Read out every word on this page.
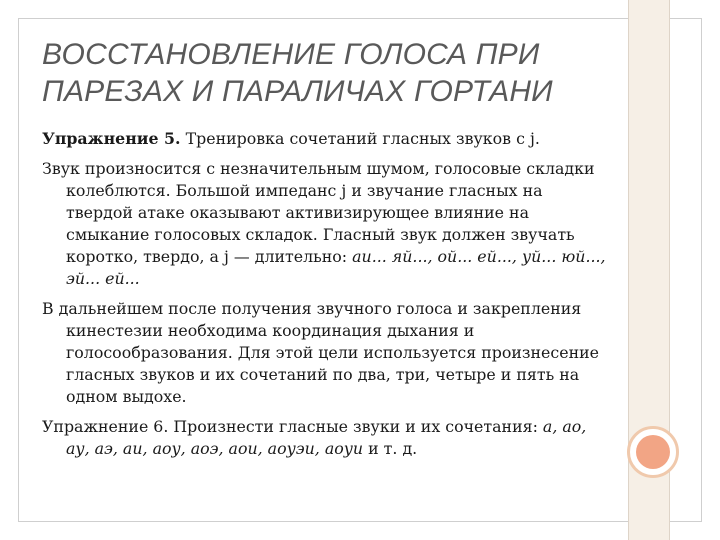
ВОССТАНОВЛЕНИЕ ГОЛОСА ПРИ ПАРЕЗАХ И ПАРАЛИЧАХ ГОРТАНИ

Упражнение 5. Тренировка сочетаний гласных звуков с j.

Звук произносится с незначительным шумом, голосовые складки колеблются. Большой импеданс j и звучание гласных на твердой атаке оказывают активизирующее влияние на смыкание голосовых складок. Гласный звук должен звучать коротко, твердо, а j — длительно: аи... яй..., ой... ей..., уй... юй..., эй... ей...

В дальнейшем после получения звучного голоса и закрепления кинестезии необходима координация дыхания и голосообразования. Для этой цели используется произнесение гласных звуков и их сочетаний по два, три, четыре и пять на одном выдохе.

Упражнение 6. Произнести гласные звуки и их сочетания: а, ао, ау, аэ, аи, аоу, аоэ, аои, аоуэи, аоуи и т. д.
